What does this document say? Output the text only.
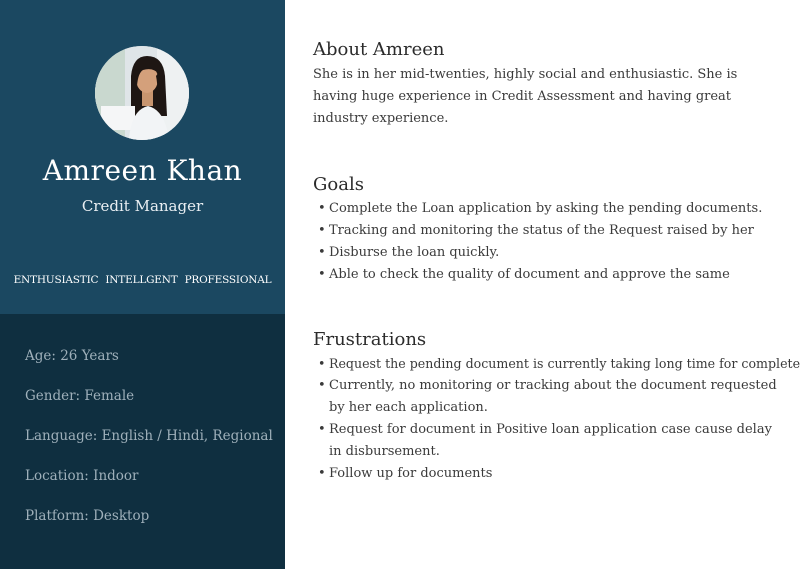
Amreen Khan
Credit Manager
ENTHUSIASTIC INTELLGENT PROFESSIONAL
Age: 26 Years
Gender: Female
Language: English / Hindi, Regional
Location: Indoor
Platform: Desktop
About Amreen
She is in her mid-twenties, highly social and enthusiastic. She is having huge experience in Credit Assessment and having great industry experience.
Goals
• Complete the Loan application by asking the pending documents.
• Tracking and monitoring the status of the Request raised by her
• Disburse the loan quickly.
• Able to check the quality of document and approve the same
Frustrations
• Request the pending document is currently taking long time for complete
• Currently, no monitoring or tracking about the document requested by her each application.
• Request for document in Positive loan application case cause delay in disbursement.
• Follow up for documents
